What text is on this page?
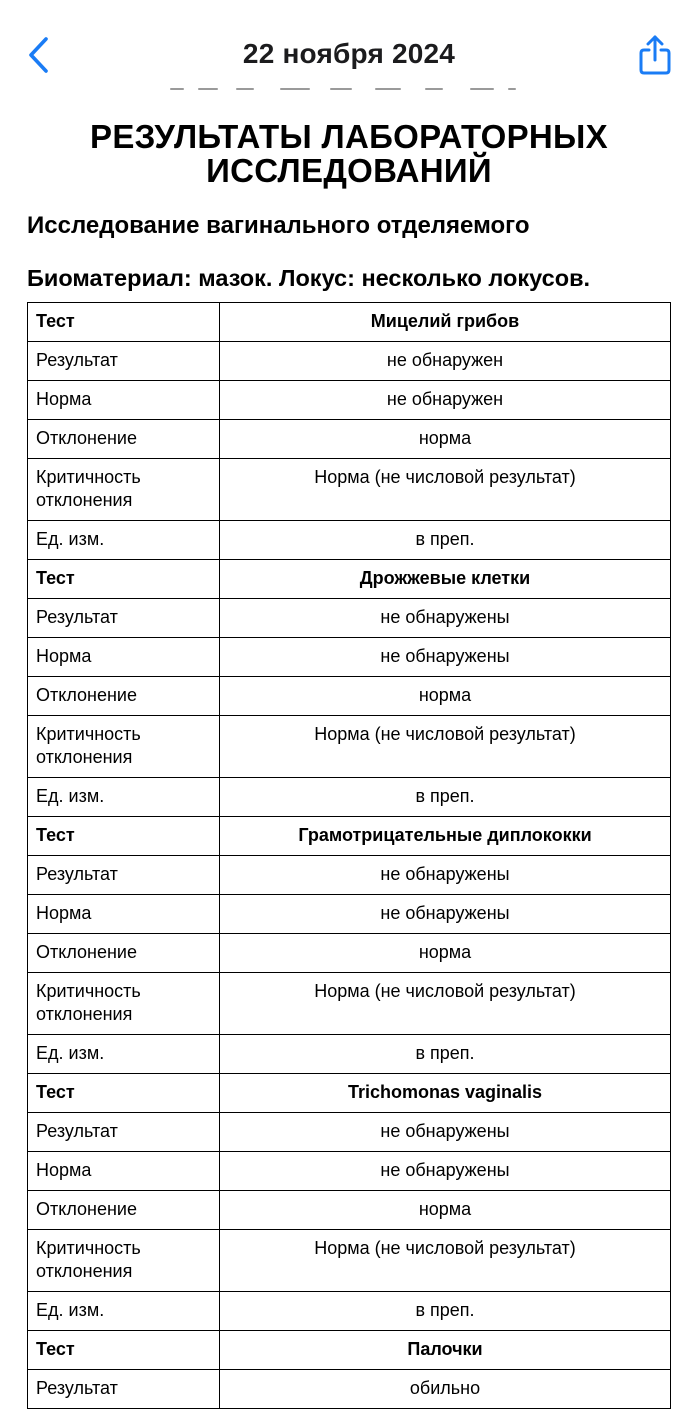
22 ноября 2024
РЕЗУЛЬТАТЫ ЛАБОРАТОРНЫХ
ИССЛЕДОВАНИЙ
Исследование вагинального отделяемого
Биоматериал: мазок. Локус: несколько локусов.
Тест	Мицелий грибов
Результат	не обнаружен
Норма	не обнаружен
Отклонение	норма
Критичность отклонения	Норма (не числовой результат)
Ед. изм.	в преп.
Тест	Дрожжевые клетки
Результат	не обнаружены
Норма	не обнаружены
Отклонение	норма
Критичность отклонения	Норма (не числовой результат)
Ед. изм.	в преп.
Тест	Грамотрицательные диплококки
Результат	не обнаружены
Норма	не обнаружены
Отклонение	норма
Критичность отклонения	Норма (не числовой результат)
Ед. изм.	в преп.
Тест	Trichomonas vaginalis
Результат	не обнаружены
Норма	не обнаружены
Отклонение	норма
Критичность отклонения	Норма (не числовой результат)
Ед. изм.	в преп.
Тест	Палочки
Результат	обильно
